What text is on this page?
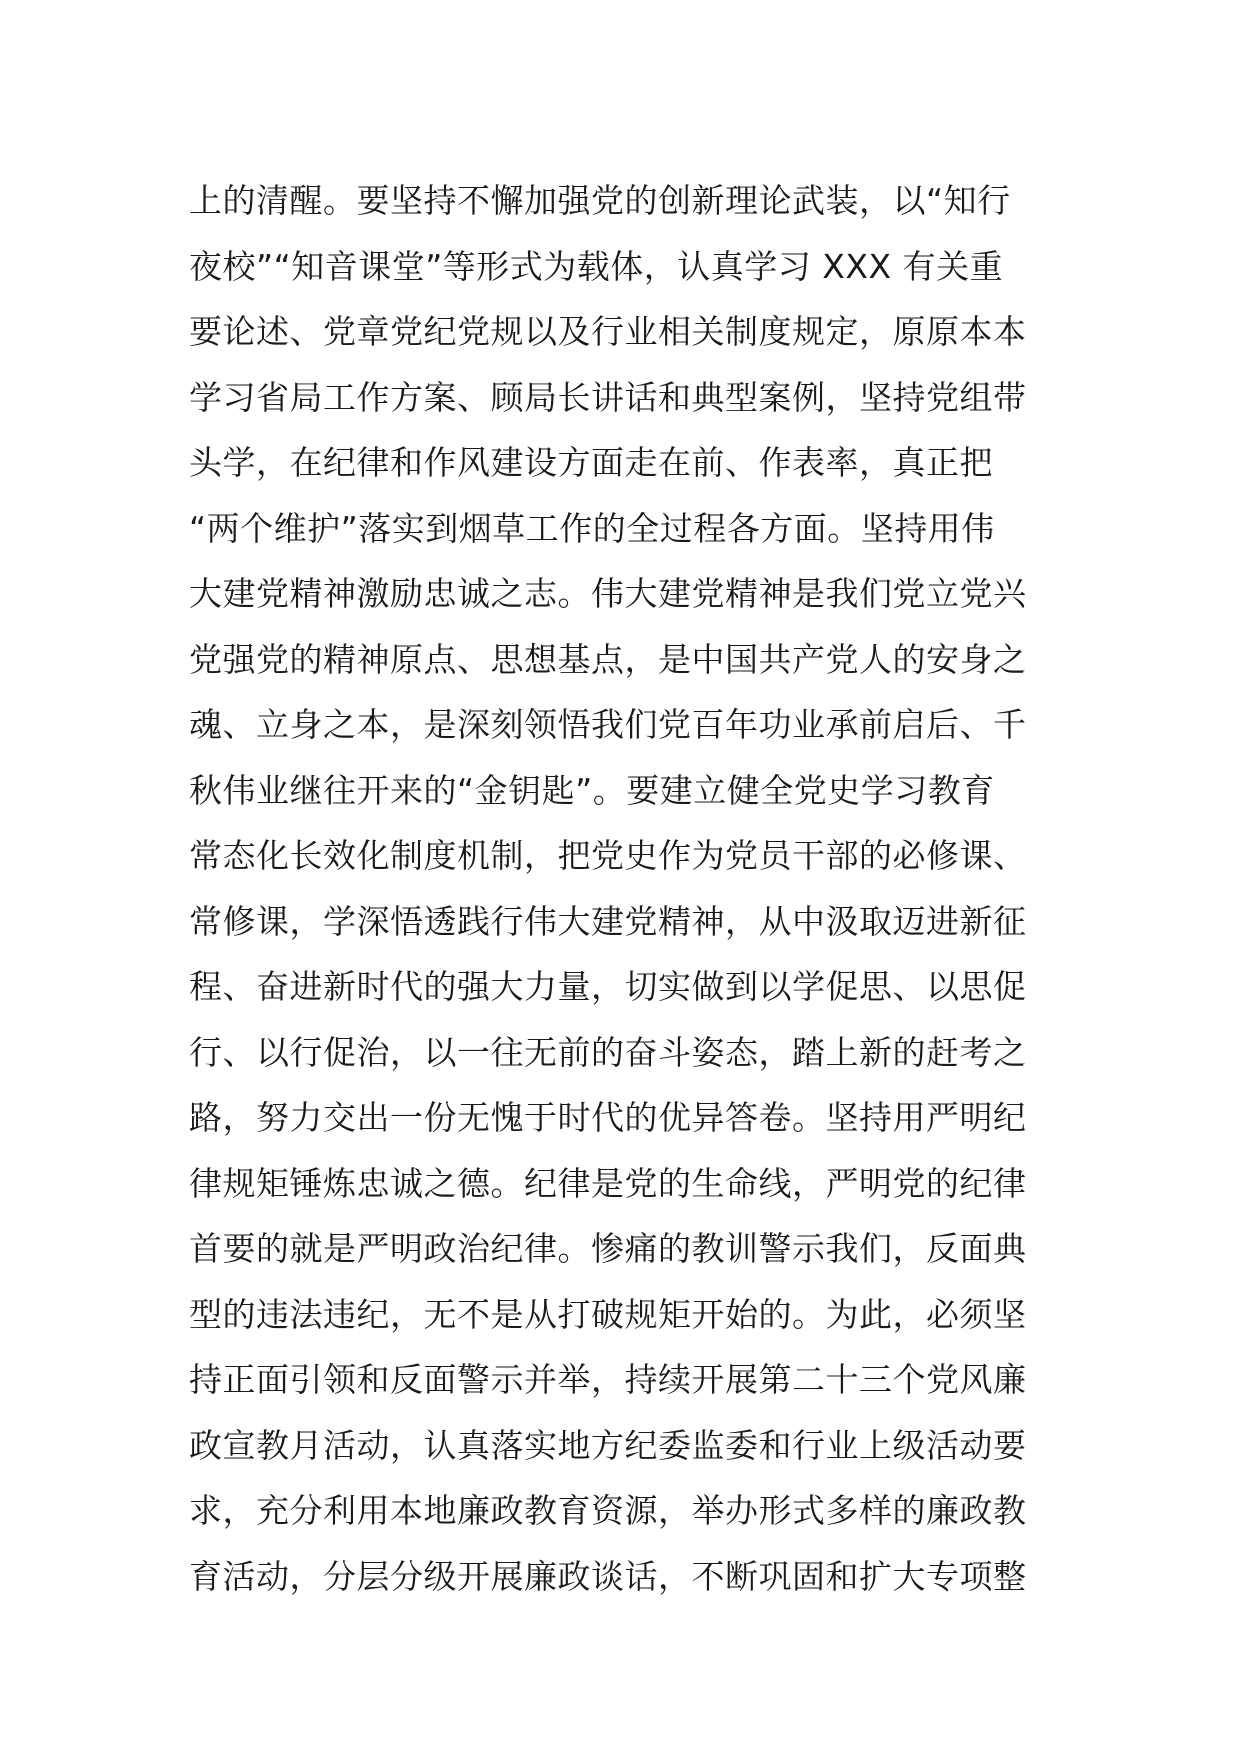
上的清醒。要坚持不懈加强党的创新理论武装，以“知行
夜校”“知音课堂”等形式为载体，认真学习 XXX 有关重
要论述、党章党纪党规以及行业相关制度规定，原原本本
学习省局工作方案、顾局长讲话和典型案例，坚持党组带
头学，在纪律和作风建设方面走在前、作表率，真正把
“两个维护”落实到烟草工作的全过程各方面。坚持用伟
大建党精神激励忠诚之志。伟大建党精神是我们党立党兴
党强党的精神原点、思想基点，是中国共产党人的安身之
魂、立身之本，是深刻领悟我们党百年功业承前启后、千
秋伟业继往开来的“金钥匙”。要建立健全党史学习教育
常态化长效化制度机制，把党史作为党员干部的必修课、
常修课，学深悟透践行伟大建党精神，从中汲取迈进新征
程、奋进新时代的强大力量，切实做到以学促思、以思促
行、以行促治，以一往无前的奋斗姿态，踏上新的赶考之
路，努力交出一份无愧于时代的优异答卷。坚持用严明纪
律规矩锤炼忠诚之德。纪律是党的生命线，严明党的纪律
首要的就是严明政治纪律。惨痛的教训警示我们，反面典
型的违法违纪，无不是从打破规矩开始的。为此，必须坚
持正面引领和反面警示并举，持续开展第二十三个党风廉
政宣教月活动，认真落实地方纪委监委和行业上级活动要
求，充分利用本地廉政教育资源，举办形式多样的廉政教
育活动，分层分级开展廉政谈话，不断巩固和扩大专项整
